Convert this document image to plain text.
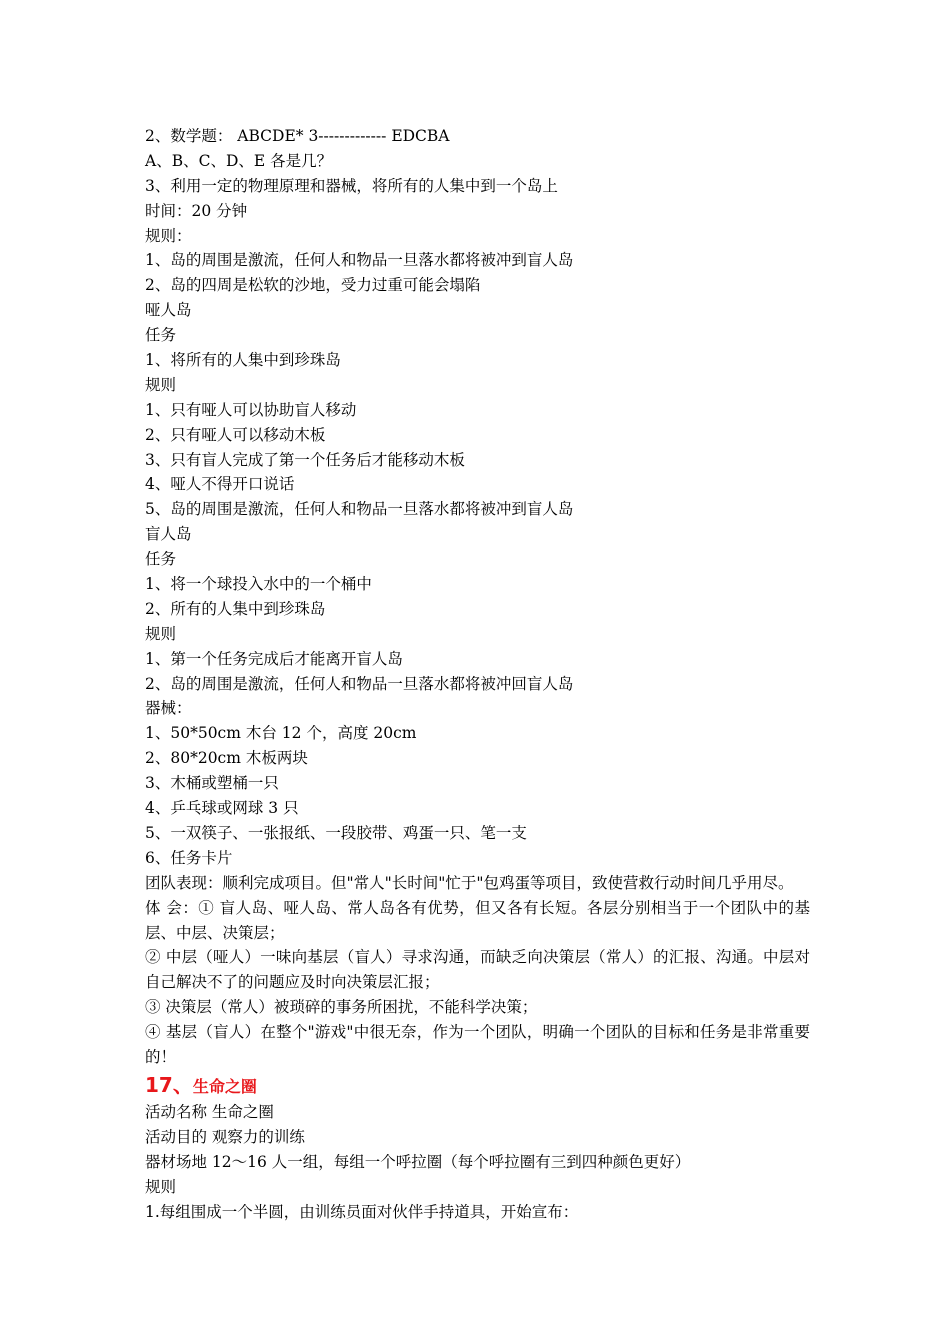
2、数学题： ABCDE* 3------------- EDCBA
A、B、C、D、E 各是几？
3、利用一定的物理原理和器械，将所有的人集中到一个岛上
时间：20 分钟
规则：
1、岛的周围是激流，任何人和物品一旦落水都将被冲到盲人岛
2、岛的四周是松软的沙地，受力过重可能会塌陷
哑人岛
任务
1、将所有的人集中到珍珠岛
规则
1、只有哑人可以协助盲人移动
2、只有哑人可以移动木板
3、只有盲人完成了第一个任务后才能移动木板
4、哑人不得开口说话
5、岛的周围是激流，任何人和物品一旦落水都将被冲到盲人岛
盲人岛
任务
1、将一个球投入水中的一个桶中
2、所有的人集中到珍珠岛
规则
1、第一个任务完成后才能离开盲人岛
2、岛的周围是激流，任何人和物品一旦落水都将被冲回盲人岛
器械：
1、50*50cm 木台 12 个，高度 20cm
2、80*20cm 木板两块
3、木桶或塑桶一只
4、乒乓球或网球 3 只
5、一双筷子、一张报纸、一段胶带、鸡蛋一只、笔一支
6、任务卡片
团队表现：顺利完成项目。但"常人"长时间"忙于"包鸡蛋等项目，致使营救行动时间几乎用尽。
体 会：① 盲人岛、哑人岛、常人岛各有优势，但又各有长短。各层分别相当于一个团队中的基层、中层、决策层；
② 中层（哑人）一味向基层（盲人）寻求沟通，而缺乏向决策层（常人）的汇报、沟通。中层对自己解决不了的问题应及时向决策层汇报；
③ 决策层（常人）被琐碎的事务所困扰，不能科学决策；
④ 基层（盲人）在整个"游戏"中很无奈，作为一个团队，明确一个团队的目标和任务是非常重要的！
17、生命之圈
活动名称 生命之圈
活动目的 观察力的训练
器材场地 12～16 人一组，每组一个呼拉圈（每个呼拉圈有三到四种颜色更好）
规则
1.每组围成一个半圆，由训练员面对伙伴手持道具，开始宣布：
